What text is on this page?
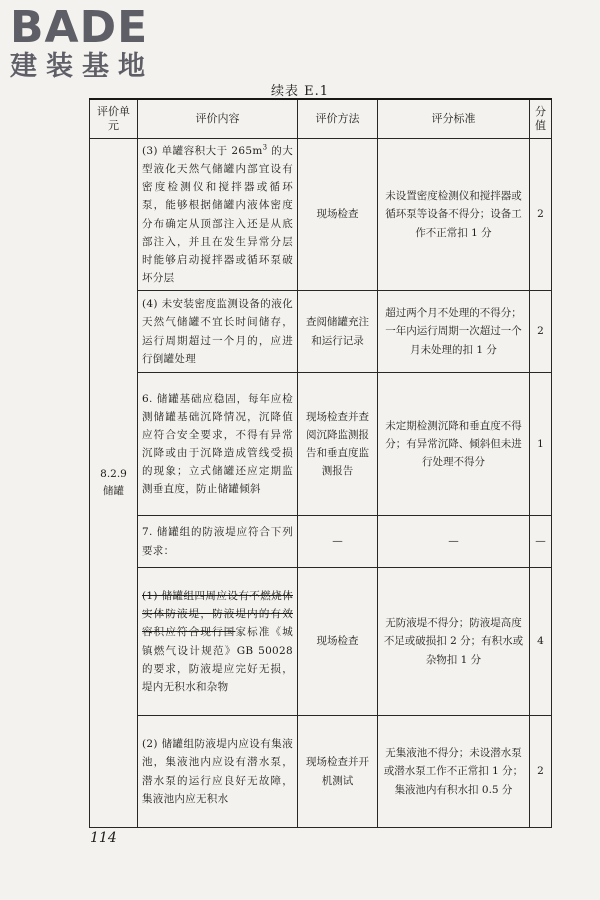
BADE
建装基地
续表 E.1
评价单元	评价内容	评价方法	评分标准	分值

8.2.9
储罐	(3) 单罐容积大于 $265m^3$ 的大型液化天然气储罐内部宜设有密度检测仪和搅拌器或循环泵，能够根据储罐内液体密度分布确定从顶部注入还是从底部注入，并且在发生异常分层时能够启动搅拌器或循环泵破坏分层	现场检查	未设置密度检测仪和搅拌器或循环泵等设备不得分；设备工作不正常扣 1 分	2
	(4) 未安装密度监测设备的液化天然气储罐不宜长时间储存，运行周期超过一个月的，应进行倒罐处理	查阅储罐充注和运行记录	超过两个月不处理的不得分；一年内运行周期一次超过一个月未处理的扣 1 分	2
	6. 储罐基础应稳固，每年应检测储罐基础沉降情况，沉降值应符合安全要求，不得有异常沉降或由于沉降造成管线受损的现象；立式储罐还应定期监测垂直度，防止储罐倾斜	现场检查并查阅沉降监测报告和垂直度监测报告	未定期检测沉降和垂直度不得分；有异常沉降、倾斜但未进行处理不得分	1
	7. 储罐组的防液堤应符合下列要求：	—	—	—
	(1) 储罐组四周应设有不燃烧体实体防液堤，防液堤内的有效容积应符合现行国家标准《城镇燃气设计规范》GB 50028 的要求，防液堤应完好无损，堤内无积水和杂物	现场检查	无防液堤不得分；防液堤高度不足或破损扣 2 分；有积水或杂物扣 1 分	4
	(2) 储罐组防液堤内应设有集液池，集液池内应设有潜水泵，潜水泵的运行应良好无故障，集液池内应无积水	现场检查并开机测试	无集液池不得分；未设潜水泵或潜水泵工作不正常扣 1 分；集液池内有积水扣 0.5 分	2
114
